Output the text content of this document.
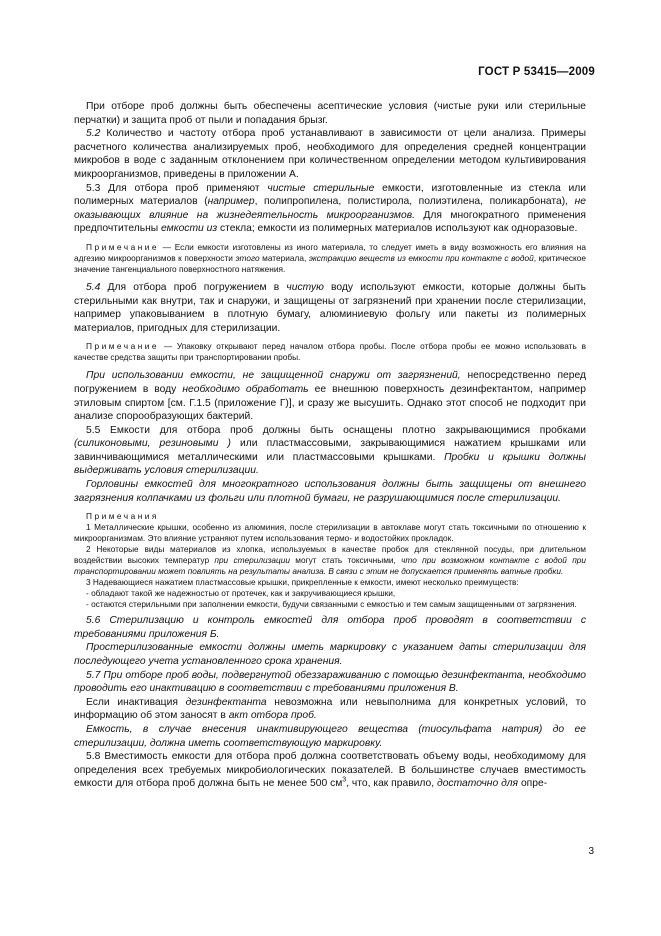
ГОСТ Р 53415—2009

При отборе проб должны быть обеспечены асептические условия (чистые руки или стерильные перчатки) и защита проб от пыли и попадания брызг.

5.2 Количество и частоту отбора проб устанавливают в зависимости от цели анализа. Примеры расчетного количества анализируемых проб, необходимого для определения средней концентрации микробов в воде с заданным отклонением при количественном определении методом культивирования микроорганизмов, приведены в приложении А.

5.3 Для отбора проб применяют чистые стерильные емкости, изготовленные из стекла или полимерных материалов (например, полипропилена, полистирола, полиэтилена, поликарбоната), не оказывающих влияние на жизнедеятельность микроорганизмов. Для многократного применения предпочтительны емкости из стекла; емкости из полимерных материалов используют как одноразовые.

Примечание — Если емкости изготовлены из иного материала, то следует иметь в виду возможность его влияния на адгезию микроорганизмов к поверхности этого материала, экстракцию веществ из емкости при контакте с водой, критическое значение тангенциального поверхностного натяжения.

5.4 Для отбора проб погружением в чистую воду используют емкости, которые должны быть стерильными как внутри, так и снаружи, и защищены от загрязнений при хранении после стерилизации, например упаковыванием в плотную бумагу, алюминиевую фольгу или пакеты из полимерных материалов, пригодных для стерилизации.

Примечание — Упаковку открывают перед началом отбора пробы. После отбора пробы ее можно использовать в качестве средства защиты при транспортировании пробы.

При использовании емкости, не защищенной снаружи от загрязнений, непосредственно перед погружением в воду необходимо обработать ее внешнюю поверхность дезинфектантом, например этиловым спиртом [см. Г.1.5 (приложение Г)], и сразу же высушить. Однако этот способ не подходит при анализе спорообразующих бактерий.

5.5 Емкости для отбора проб должны быть оснащены плотно закрывающимися пробками (силиконовыми, резиновыми ) или пластмассовыми, закрывающимися нажатием крышками или завинчивающимися металлическими или пластмассовыми крышками. Пробки и крышки должны выдерживать условия стерилизации.

Горловины емкостей для многократного использования должны быть защищены от внешнего загрязнения колпачками из фольги или плотной бумаги, не разрушающимися после стерилизации.

Примечания

1 Металлические крышки, особенно из алюминия, после стерилизации в автоклаве могут стать токсичными по отношению к микроорганизмам. Это влияние устраняют путем использования термо- и водостойких прокладок.

2 Некоторые виды материалов из хлопка, используемых в качестве пробок для стеклянной посуды, при длительном воздействии высоких температур при стерилизации могут стать токсичными, что при возможном контакте с водой при транспортировании может повлиять на результаты анализа. В связи с этим не допускается применять ватные пробки.

3 Надевающиеся нажатием пластмассовые крышки, прикрепленные к емкости, имеют несколько преимуществ:

- обладают такой же надежностью от протечек, как и закручивающиеся крышки,

- остаются стерильными при заполнении емкости, будучи связанными с емкостью и тем самым защищенными от загрязнения.

5.6 Стерилизацию и контроль емкостей для отбора проб проводят в соответствии с требованиями приложения Б.

Простерилизованные емкости должны иметь маркировку с указанием даты стерилизации для последующего учета установленного срока хранения.

5.7 При отборе проб воды, подвергнутой обеззараживанию с помощью дезинфектанта, необходимо проводить его инактивацию в соответствии с требованиями приложения В.

Если инактивация дезинфектанта невозможна или невыполнима для конкретных условий, то информацию об этом заносят в акт отбора проб.

Емкость, в случае внесения инактивирующего вещества (тиосульфата натрия) до ее стерилизации, должна иметь соответствующую маркировку.

5.8 Вместимость емкости для отбора проб должна соответствовать объему воды, необходимому для определения всех требуемых микробиологических показателей. В большинстве случаев вместимость емкости для отбора проб должна быть не менее 500 $см^3$, что, как правило, достаточно для опре-

3
